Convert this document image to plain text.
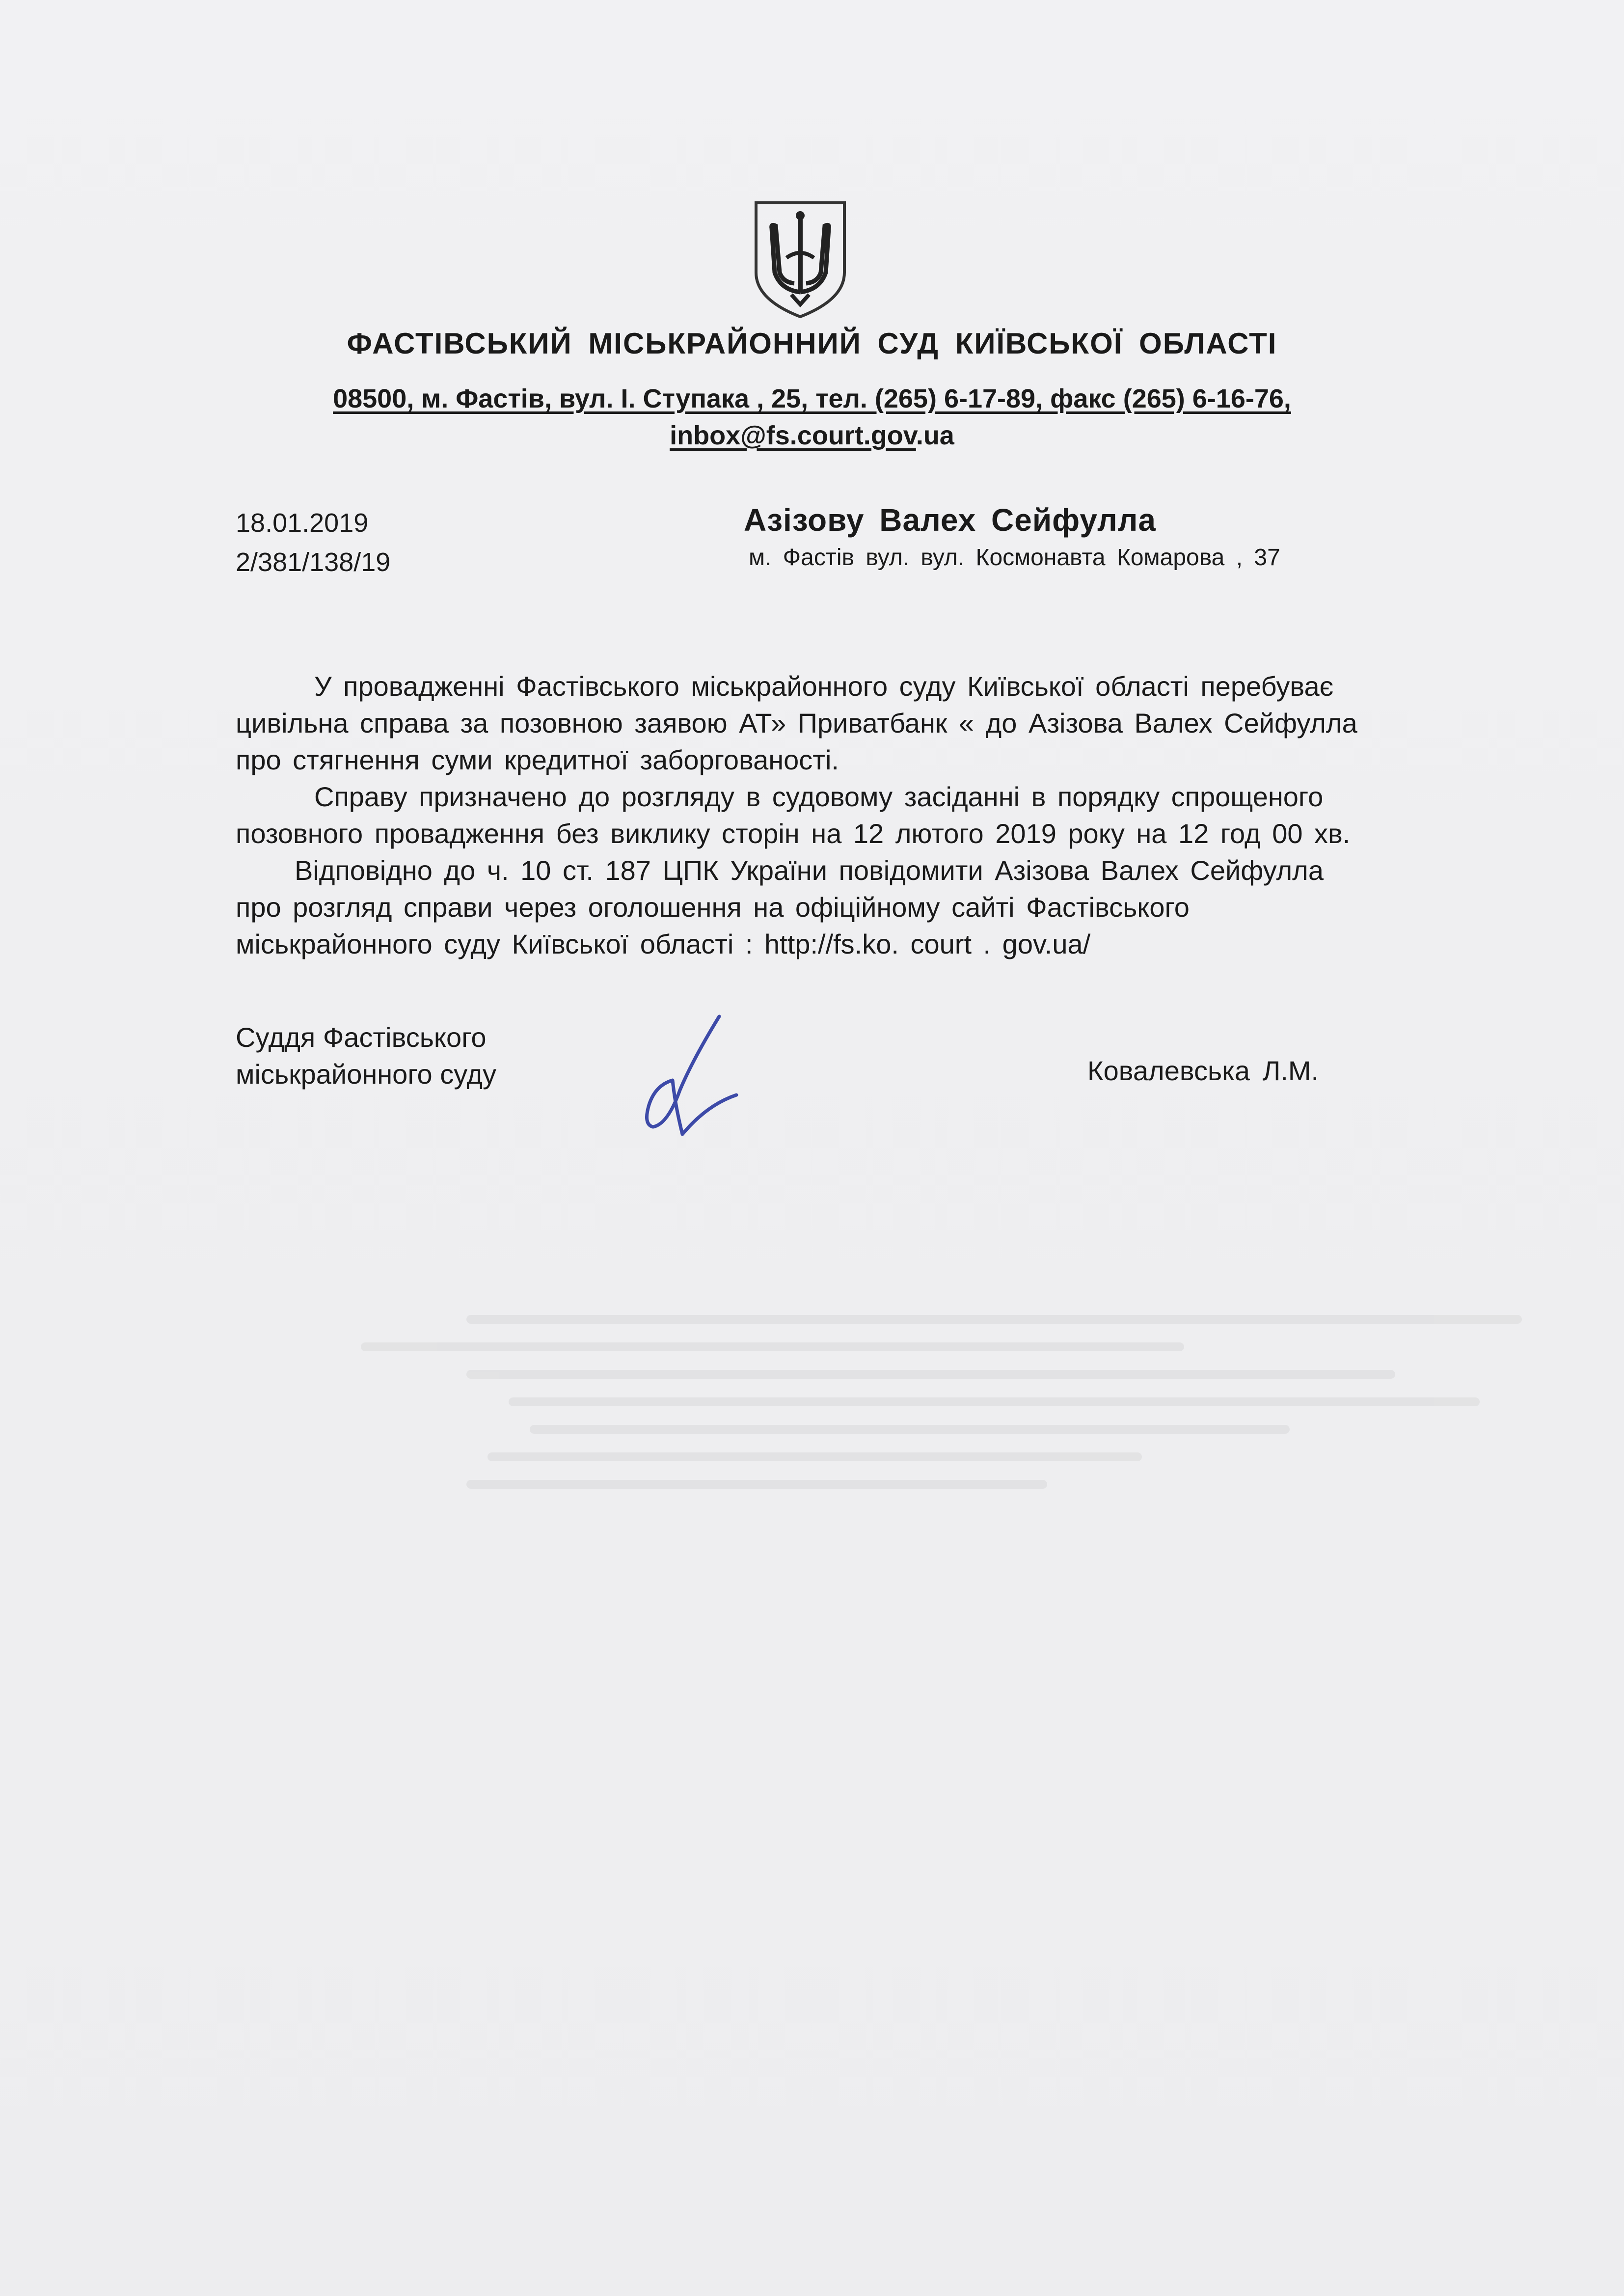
ФАСТІВСЬКИЙ МІСЬКРАЙОННИЙ СУД КИЇВСЬКОЇ ОБЛАСТІ
08500, м. Фастів, вул. І. Ступака , 25, тел. (265) 6-17-89, факс (265) 6-16-76,
inbox@fs.court.gov.ua
18.01.2019
2/381/138/19
Азізову Валех Сейфулла
м. Фастів вул. вул. Космонавта Комарова , 37

У провадженні Фастівського міськрайонного суду Київської області перебуває

цивільна справа за позовною заявою АТ» Приватбанк « до Азізова Валех Сейфулла

про стягнення суми кредитної заборгованості.

Справу призначено до розгляду в судовому засіданні в порядку спрощеного

позовного провадження без виклику сторін на 12 лютого 2019 року на 12 год 00 хв.

Відповідно до ч. 10 ст. 187 ЦПК України повідомити Азізова Валех Сейфулла

про розгляд справи через оголошення на офіційному сайті Фастівського

міськрайонного суду Київської області : http://fs.ko. court . gov.ua/

Суддя Фастівського
міськрайонного суду	Ковалевська Л.М.
